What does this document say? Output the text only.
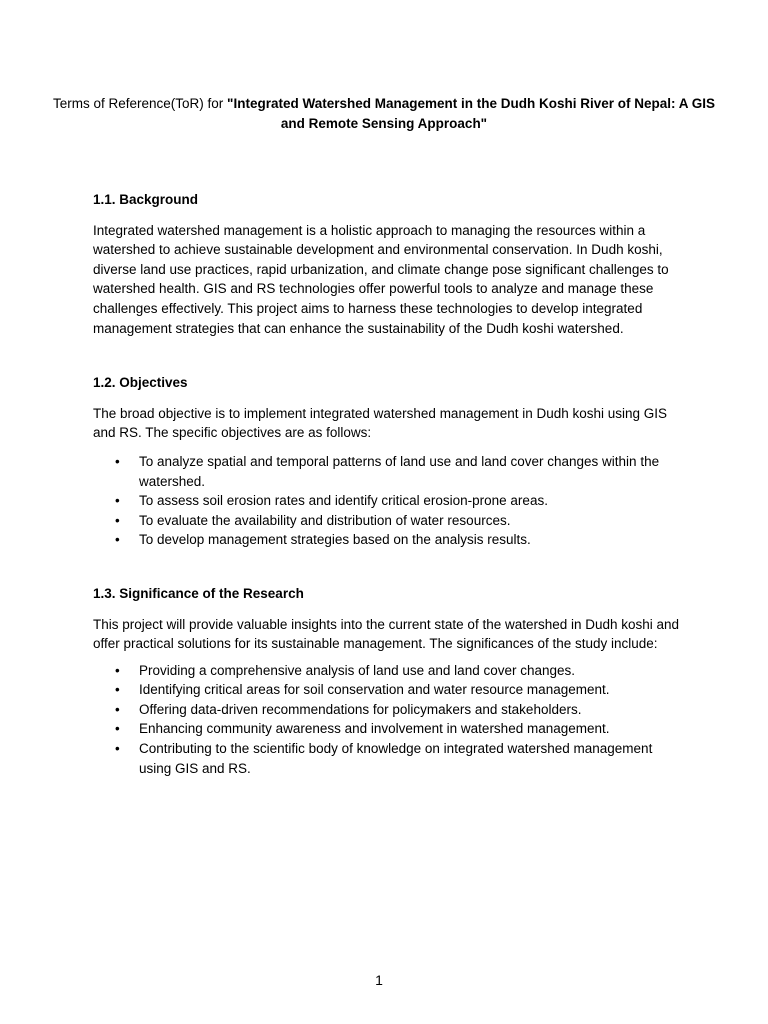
Terms of Reference(ToR) for "Integrated Watershed Management in the Dudh Koshi River of Nepal: A GIS and Remote Sensing Approach"

1.1. Background

Integrated watershed management is a holistic approach to managing the resources within a watershed to achieve sustainable development and environmental conservation. In Dudh koshi, diverse land use practices, rapid urbanization, and climate change pose significant challenges to watershed health. GIS and RS technologies offer powerful tools to analyze and manage these challenges effectively. This project aims to harness these technologies to develop integrated management strategies that can enhance the sustainability of the Dudh koshi watershed.

1.2. Objectives

The broad objective is to implement integrated watershed management in Dudh koshi using GIS and RS. The specific objectives are as follows:

• To analyze spatial and temporal patterns of land use and land cover changes within the watershed.
• To assess soil erosion rates and identify critical erosion-prone areas.
• To evaluate the availability and distribution of water resources.
• To develop management strategies based on the analysis results.
1.3. Significance of the Research

This project will provide valuable insights into the current state of the watershed in Dudh koshi and offer practical solutions for its sustainable management. The significances of the study include:

• Providing a comprehensive analysis of land use and land cover changes.
• Identifying critical areas for soil conservation and water resource management.
• Offering data-driven recommendations for policymakers and stakeholders.
• Enhancing community awareness and involvement in watershed management.
• Contributing to the scientific body of knowledge on integrated watershed management using GIS and RS.
1
